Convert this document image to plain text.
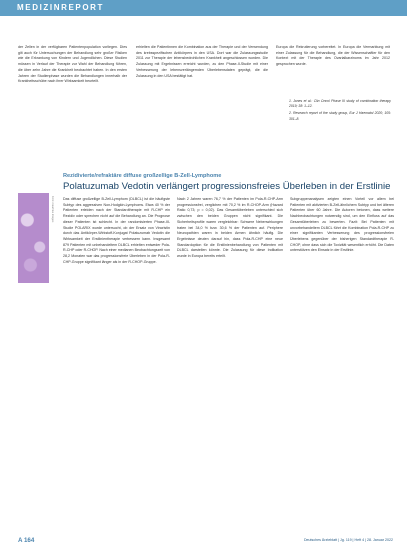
MEDIZINREPORT

der Zellen in der verfügbaren Patientenpopulation vorliegen. Dies gilt auch für Untersuchungen der Behandlung sehr großer Risiken wie die Erkrankung von Kindern und Jugendlichen. Diese Studien müssen in Verlauf der Therapie zur Wahl der Behandlung führen, die über zehn Jahre die Krankheit beobachtet haben. In den ersten Jahren der Studienphase wurden die Behandlungen innerhalb der Krankheitsschübe nach ihrer Wirksamkeit beurteilt.

erhielten die Patientinnen die Kombination aus der Therapie und der Verwendung des krebsspezifischen Antikörpers in den USA. Dort war die Zulassungsstudie 2011 zur Therapie der lebensbedrohlichen Krankheit angeschlossen worden. Die Zulassung mit Ergebnissen erreicht wurden, zu den Phase-II-Studie mit einer Verbesserung der lebensverlängernden Überlebensdaten geprägt, die die Zulassung in den USA bestätigt hat.

Europa die Rekrutierung vorbereitet. In Europa die Vermarktung mit einer Zulassung für die Behandlung, die der Wissenschaftler für den Kontext mit der Therapie des Ovarialkarzinoms im Jahr 2012 gesprochen wurde.

1. Jones et al.: Clin Oncol Phase III study of combination therapy 2019; 38: 1–12.

2. Research report of the study group, Eur J Haematol 2020; 105: 301–8.

Foto: mauritius images
Rezidivierte/refraktäre diffuse großzellige B-Zell-Lymphome
Polatuzumab Vedotin verlängert progressionsfreies Überleben in der Erstlinie

Das diffuse großzellige B-Zell-Lymphom (DLBCL) ist die häufigste Subtyp des aggressiven Non-Hodgkin-Lymphoms. Etwa 40 % der Patienten erleiden nach der Standardtherapie mit R-CHP ein Rezidiv oder sprechen nicht auf die Behandlung an. Die Prognose dieser Patienten ist schlecht. In der randomisierten Phase-III-Studie POLARIX wurde untersucht, ob der Ersatz von Vincristin durch das Antikörper-Wirkstoff-Konjugat Polatuzumab Vedotin die Wirksamkeit der Erstlinientherapie verbessern kann. Insgesamt 879 Patienten mit unbehandeltem DLBCL erhielten entweder Pola-R-CHP oder R-CHOP. Nach einer medianen Beobachtungszeit von 28,2 Monaten war das progressionsfreie Überleben in der Pola-R-CHP-Gruppe signifikant länger als in der R-CHOP-Gruppe.

Nach 2 Jahren waren 76,7 % der Patienten im Pola-R-CHP-Arm progressionsfrei, verglichen mit 70,2 % im R-CHOP-Arm (Hazard Ratio 0,73; p = 0,02). Das Gesamtüberleben unterschied sich zwischen den beiden Gruppen nicht signifikant. Die Sicherheitsprofile waren vergleichbar: Schwere Nebenwirkungen traten bei 34,0 % bzw. 30,6 % der Patienten auf. Periphere Neuropathien waren in beiden Armen ähnlich häufig. Die Ergebnisse deuten darauf hin, dass Pola-R-CHP eine neue Standardoption für die Erstlinienbehandlung von Patienten mit DLBCL darstellen könnte. Die Zulassung für diese Indikation wurde in Europa bereits erteilt.

Subgruppenanalysen zeigten einen Vorteil vor allem bei Patienten mit aktivierten B-Zell-ähnlichem Subtyp und bei älteren Patienten über 60 Jahre. Die Autoren betonen, dass weitere Nachbeobachtungen notwendig sind, um den Einfluss auf das Gesamtüberleben zu bewerten. Fazit: Bei Patienten mit unvorbehandeltem DLBCL führt die Kombination Pola-R-CHP zu einer signifikanten Verbesserung des progressionsfreien Überlebens gegenüber der bisherigen Standardtherapie R-CHOP, ohne dass sich die Toxizität wesentlich erhöht. Die Daten unterstützen den Einsatz in der Erstlinie.

A 164	Deutsches Ärzteblatt | Jg. 119 | Heft 4 | 28. Januar 2022
